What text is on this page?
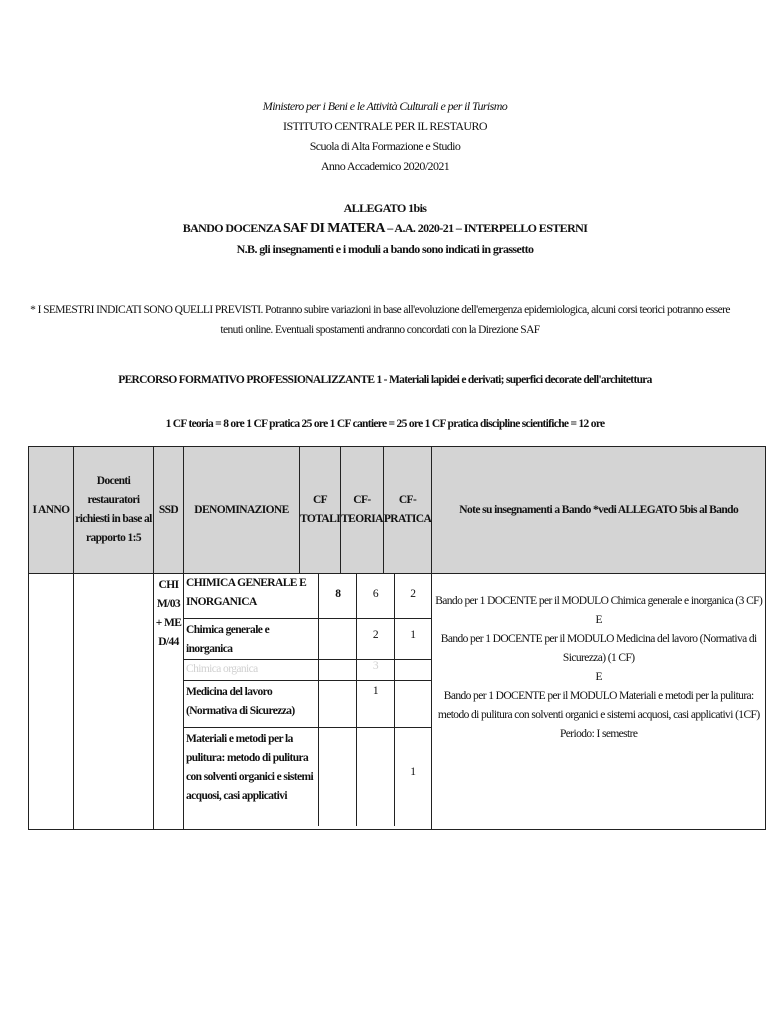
Ministero per i Beni e le Attività Culturali e per il Turismo
ISTITUTO CENTRALE PER IL RESTAURO
Scuola di Alta Formazione e Studio
Anno Accademico 2020/2021
ALLEGATO 1bis
BANDO DOCENZA SAF DI MATERA – A.A. 2020-21 – INTERPELLO ESTERNI
N.B. gli insegnamenti e i moduli a bando sono indicati in grassetto
* I SEMESTRI INDICATI SONO QUELLI PREVISTI. Potranno subire variazioni in base all'evoluzione dell'emergenza epidemiologica, alcuni corsi teorici potranno essere tenuti online. Eventuali spostamenti andranno concordati con la Direzione SAF
PERCORSO FORMATIVO PROFESSIONALIZZANTE 1 - Materiali lapidei e derivati; superfici decorate dell'architettura
1 CF teoria = 8 ore 1 CF pratica 25 ore 1 CF cantiere = 25 ore 1 CF pratica discipline scientifiche = 12 ore
I ANNO	Docenti restauratori richiesti in base al rapporto 1:5	SSD	DENOMINAZIONE	CF TOTALI	CF-TEORIA	CF-PRATICA	Note su insegnamenti a Bando *vedi ALLEGATO 5bis al Bando
		CHIM/03+ MED/44	
CHIMICA GENERALE E INORGANICA	8	6	2
Chimica generale e inorganica		2	1
Chimica organica		3	
Medicina del lavoro (Normativa di Sicurezza)		1	
Materiali e metodi per la pulitura: metodo di pulitura con solventi organici e sistemi acquosi, casi applicativi			1

Bando per 1 DOCENTE per il MODULO Chimica generale e inorganica (3 CF)
E
Bando per 1 DOCENTE per il MODULO Medicina del lavoro (Normativa di Sicurezza) (1 CF)
E
Bando per 1 DOCENTE per il MODULO Materiali e metodi per la pulitura: metodo di pulitura con solventi organici e sistemi acquosi, casi applicativi (1CF)
Periodo: I semestre
